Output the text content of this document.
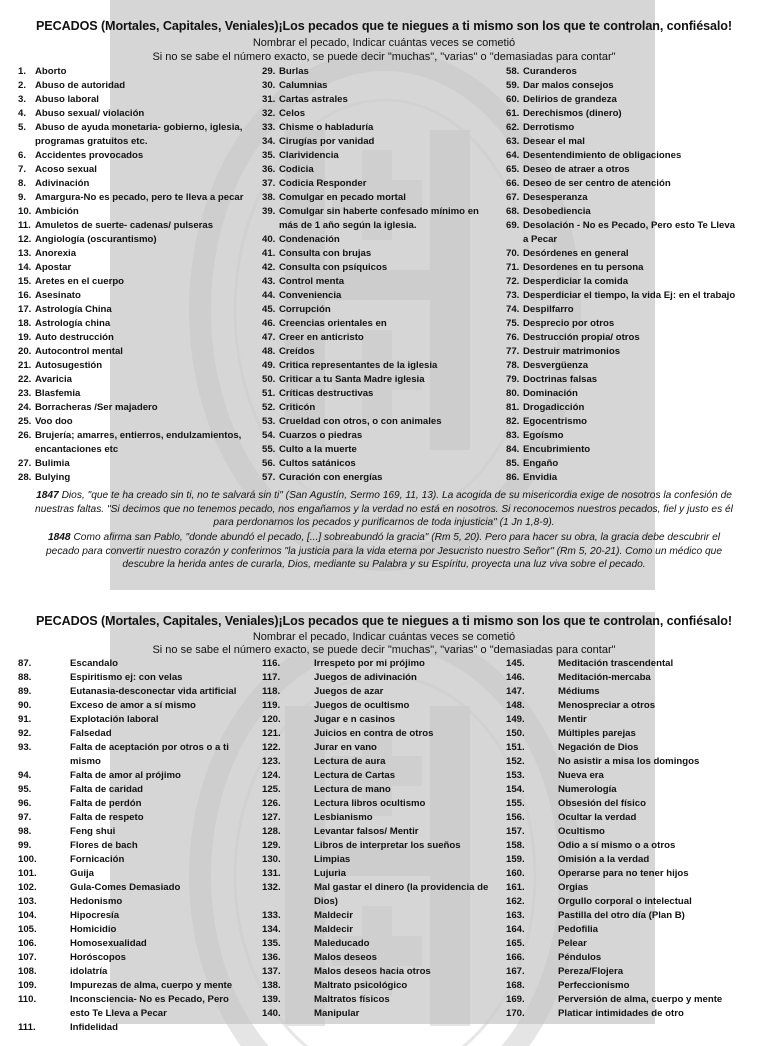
PECADOS (Mortales, Capitales, Veniales)¡Los pecados que te niegues a ti mismo son los que te controlan, confiésalo!
Nombrar el pecado, Indicar cuántas veces se cometió
Si no se sabe el número exacto, se puede decir "muchas", "varias" o "demasiadas para contar"
1. Aborto
2. Abuso de autoridad
3. Abuso laboral
4. Abuso sexual/ violación
5. Abuso de ayuda monetaria- gobierno, iglesia, programas gratuitos etc.
6. Accidentes provocados
7. Acoso sexual
8. Adivinación
9. Amargura-No es pecado, pero te lleva a pecar
10. Ambición
11. Amuletos de suerte- cadenas/ pulseras
12. Angiología (oscurantismo)
13. Anorexia
14. Apostar
15. Aretes en el cuerpo
16. Asesinato
17. Astrología China
18. Astrología china
19. Auto destrucción
20. Autocontrol mental
21. Autosugestión
22. Avaricia
23. Blasfemia
24. Borracheras /Ser majadero
25. Voo doo
26. Brujería; amarres, entierros, endulzamientos, encantaciones etc
27. Bulimia
28. Bulying
29. Burlas
30. Calumnias
31. Cartas astrales
32. Celos
33. Chisme o habladuría
34. Cirugías por vanidad
35. Clarividencia
36. Codicia
37. Codicia Responder
38. Comulgar en pecado mortal
39. Comulgar sin haberte confesado mínimo en más de 1 año según la iglesia.
40. Condenación
41. Consulta con brujas
42. Consulta con psíquicos
43. Control menta
44. Conveniencia
45. Corrupción
46. Creencias orientales en
47. Creer en anticristo
48. Creídos
49. Critica representantes de la iglesia
50. Criticar a tu Santa Madre iglesia
51. Críticas destructivas
52. Criticón
53. Crueldad con otros, o con animales
54. Cuarzos o piedras
55. Culto a la muerte
56. Cultos satánicos
57. Curación con energías
58. Curanderos
59. Dar malos consejos
60. Delirios de grandeza
61. Derechismos (dinero)
62. Derrotismo
63. Desear el mal
64. Desentendimiento de obligaciones
65. Deseo de atraer a otros
66. Deseo de ser centro de atención
67. Desesperanza
68. Desobediencia
69. Desolación - No es Pecado, Pero esto Te Lleva a Pecar
70. Desórdenes en general
71. Desordenes en tu persona
72. Desperdiciar la comida
73. Desperdiciar el tiempo, la vida Ej: en el trabajo
74. Despilfarro
75. Desprecio por otros
76. Destrucción propia/ otros
77. Destruir matrimonios
78. Desvergüenza
79. Doctrinas falsas
80. Dominación
81. Drogadicción
82. Egocentrismo
83. Egoísmo
84. Encubrimiento
85. Engaño
86. Envidia
1847 Dios, "que te ha creado sin ti, no te salvará sin ti" (San Agustín, Sermo 169, 11, 13). La acogida de su misericordia exige de nosotros la confesión de nuestras faltas. "Si decimos que no tenemos pecado, nos engañamos y la verdad no está en nosotros. Si reconocemos nuestros pecados, fiel y justo es él para perdonarnos los pecados y purificarnos de toda injusticia" (1 Jn 1,8-9).
1848 Como afirma san Pablo, "donde abundó el pecado, [...] sobreabundó la gracia" (Rm 5, 20). Pero para hacer su obra, la gracia debe descubrir el pecado para convertir nuestro corazón y conferirnos "la justicia para la vida eterna por Jesucristo nuestro Señor" (Rm 5, 20-21). Como un médico que descubre la herida antes de curarla, Dios, mediante su Palabra y su Espíritu, proyecta una luz viva sobre el pecado.
PECADOS (Mortales, Capitales, Veniales)¡Los pecados que te niegues a ti mismo son los que te controlan, confiésalo!
Nombrar el pecado, Indicar cuántas veces se cometió
Si no se sabe el número exacto, se puede decir "muchas", "varias" o "demasiadas para contar"
87.	Escandalo
88.	Espiritismo ej: con velas
89.	Eutanasia-desconectar vida artificial
90.	Exceso de amor a sí mismo
91.	Explotación laboral
92.	Falsedad
93.	Falta de aceptación por otros o a ti mismo
94.	Falta de amor al prójimo
95.	Falta de caridad
96.	Falta de perdón
97.	Falta de respeto
98.	Feng shui
99.	Flores de bach
100.	Fornicación
101.	Guija
102.	Gula-Comes Demasiado
103.	Hedonismo
104.	Hipocresía
105.	Homicidio
106.	Homosexualidad
107.	Horóscopos
108.	idolatría
109.	Impurezas de alma, cuerpo y mente
110.	Inconsciencia- No es Pecado, Pero esto Te Lleva a Pecar
111.	Infidelidad
116.	Irrespeto por mi prójimo
117.	Juegos de adivinación
118.	Juegos de azar
119.	Juegos de ocultismo
120.	Jugar e n casinos
121.	Juicios en contra de otros
122.	Jurar en vano
123.	Lectura de aura
124.	Lectura de Cartas
125.	Lectura de mano
126.	Lectura libros ocultismo
127.	Lesbianismo
128.	Levantar falsos/ Mentir
129.	Libros de interpretar los sueños
130.	Limpias
131.	Lujuria
132.	Mal gastar el dinero (la providencia de Dios)
133.	Maldecir
134.	Maldecir
135.	Maleducado
136.	Malos deseos
137.	Malos deseos hacia otros
138.	Maltrato psicológico
139.	Maltratos físicos
140.	Manipular
145.	Meditación trascendental
146.	Meditación-mercaba
147.	Médiums
148.	Menospreciar a otros
149.	Mentir
150.	Múltiples parejas
151.	Negación de Dios
152.	No asistir a misa los domingos
153.	Nueva era
154.	Numerología
155.	Obsesión del físico
156.	Ocultar la verdad
157.	Ocultismo
158.	Odio a sí mismo o a otros
159.	Omisión a la verdad
160.	Operarse para no tener hijos
161.	Orgias
162.	Orgullo corporal o intelectual
163.	Pastilla del otro día (Plan B)
164.	Pedofilia
165.	Pelear
166.	Péndulos
167.	Pereza/Flojera
168.	Perfeccionismo
169.	Perversión de alma, cuerpo y mente
170.	Platicar intimidades de otro
